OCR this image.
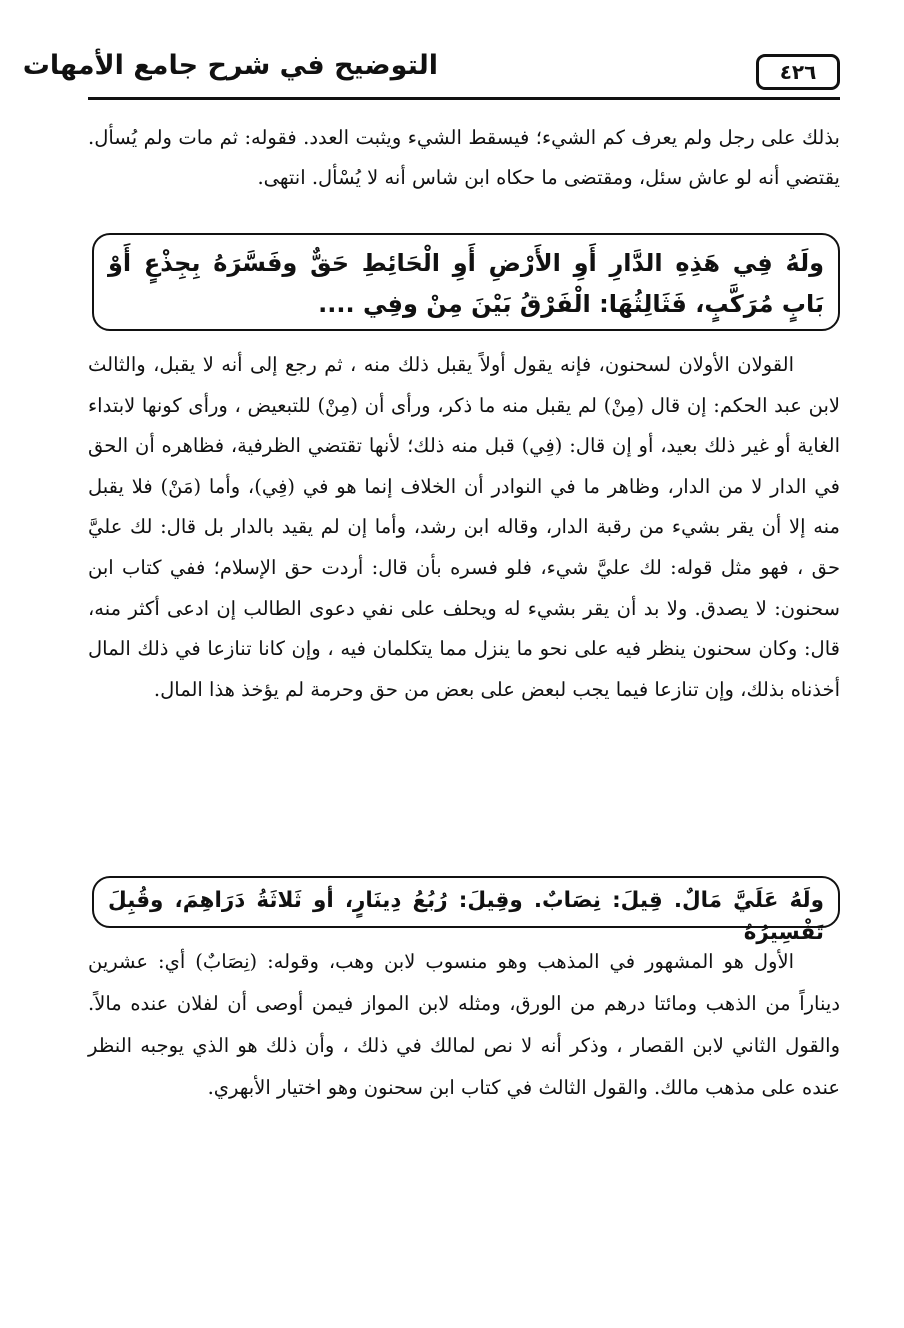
التوضيح في شرح جامع الأمهات	٤٢٦

بذلك على رجل ولم يعرف كم الشيء؛ فيسقط الشيء ويثبت العدد. فقوله: ثم مات ولم يُسأل. يقتضي أنه لو عاش سئل، ومقتضى ما حكاه ابن شاس أنه لا يُسْأل. انتهى.

ولَهُ فِي هَذِهِ الدَّارِ أَوِ الأَرْضِ أَوِ الْحَائِطِ حَقٌّ وفَسَّرَهُ بِجِذْعٍ أَوْ بَابٍ مُرَكَّبٍ، فَثَالِثُهَا: الْفَرْقُ بَيْنَ مِنْ وفِي ....

القولان الأولان لسحنون، فإنه يقول أولاً يقبل ذلك منه ، ثم رجع إلى أنه لا يقبل، والثالث لابن عبد الحكم: إن قال (مِنْ) لم يقبل منه ما ذكر، ورأى أن (مِنْ) للتبعيض ، ورأى كونها لابتداء الغاية أو غير ذلك بعيد، أو إن قال: (فِي) قبل منه ذلك؛ لأنها تقتضي الظرفية، فظاهره أن الحق في الدار لا من الدار، وظاهر ما في النوادر أن الخلاف إنما هو في (فِي)، وأما (مَنْ) فلا يقبل منه إلا أن يقر بشيء من رقبة الدار، وقاله ابن رشد، وأما إن لم يقيد بالدار بل قال: لك عليَّ حق ، فهو مثل قوله: لك عليَّ شيء، فلو فسره بأن قال: أردت حق الإسلام؛ ففي كتاب ابن سحنون: لا يصدق. ولا بد أن يقر بشيء له ويحلف على نفي دعوى الطالب إن ادعى أكثر منه، قال: وكان سحنون ينظر فيه على نحو ما ينزل مما يتكلمان فيه ، وإن كانا تنازعا في ذلك المال أخذناه بذلك، وإن تنازعا فيما يجب لبعض على بعض من حق وحرمة لم يؤخذ هذا المال.

ولَهُ عَلَيَّ مَالٌ. قِيلَ: نِصَابٌ. وقِيلَ: رُبُعُ دِينَارٍ، أو ثَلاثَةُ دَرَاهِمَ، وقُبِلَ تَفْسِيرُهُ

الأول هو المشهور في المذهب وهو منسوب لابن وهب، وقوله: (نِصَابٌ) أي: عشرين ديناراً من الذهب ومائتا درهم من الورق، ومثله لابن المواز فيمن أوصى أن لفلان عنده مالاً. والقول الثاني لابن القصار ، وذكر أنه لا نص لمالك في ذلك ، وأن ذلك هو الذي يوجبه النظر عنده على مذهب مالك. والقول الثالث في كتاب ابن سحنون وهو اختيار الأبهري.
